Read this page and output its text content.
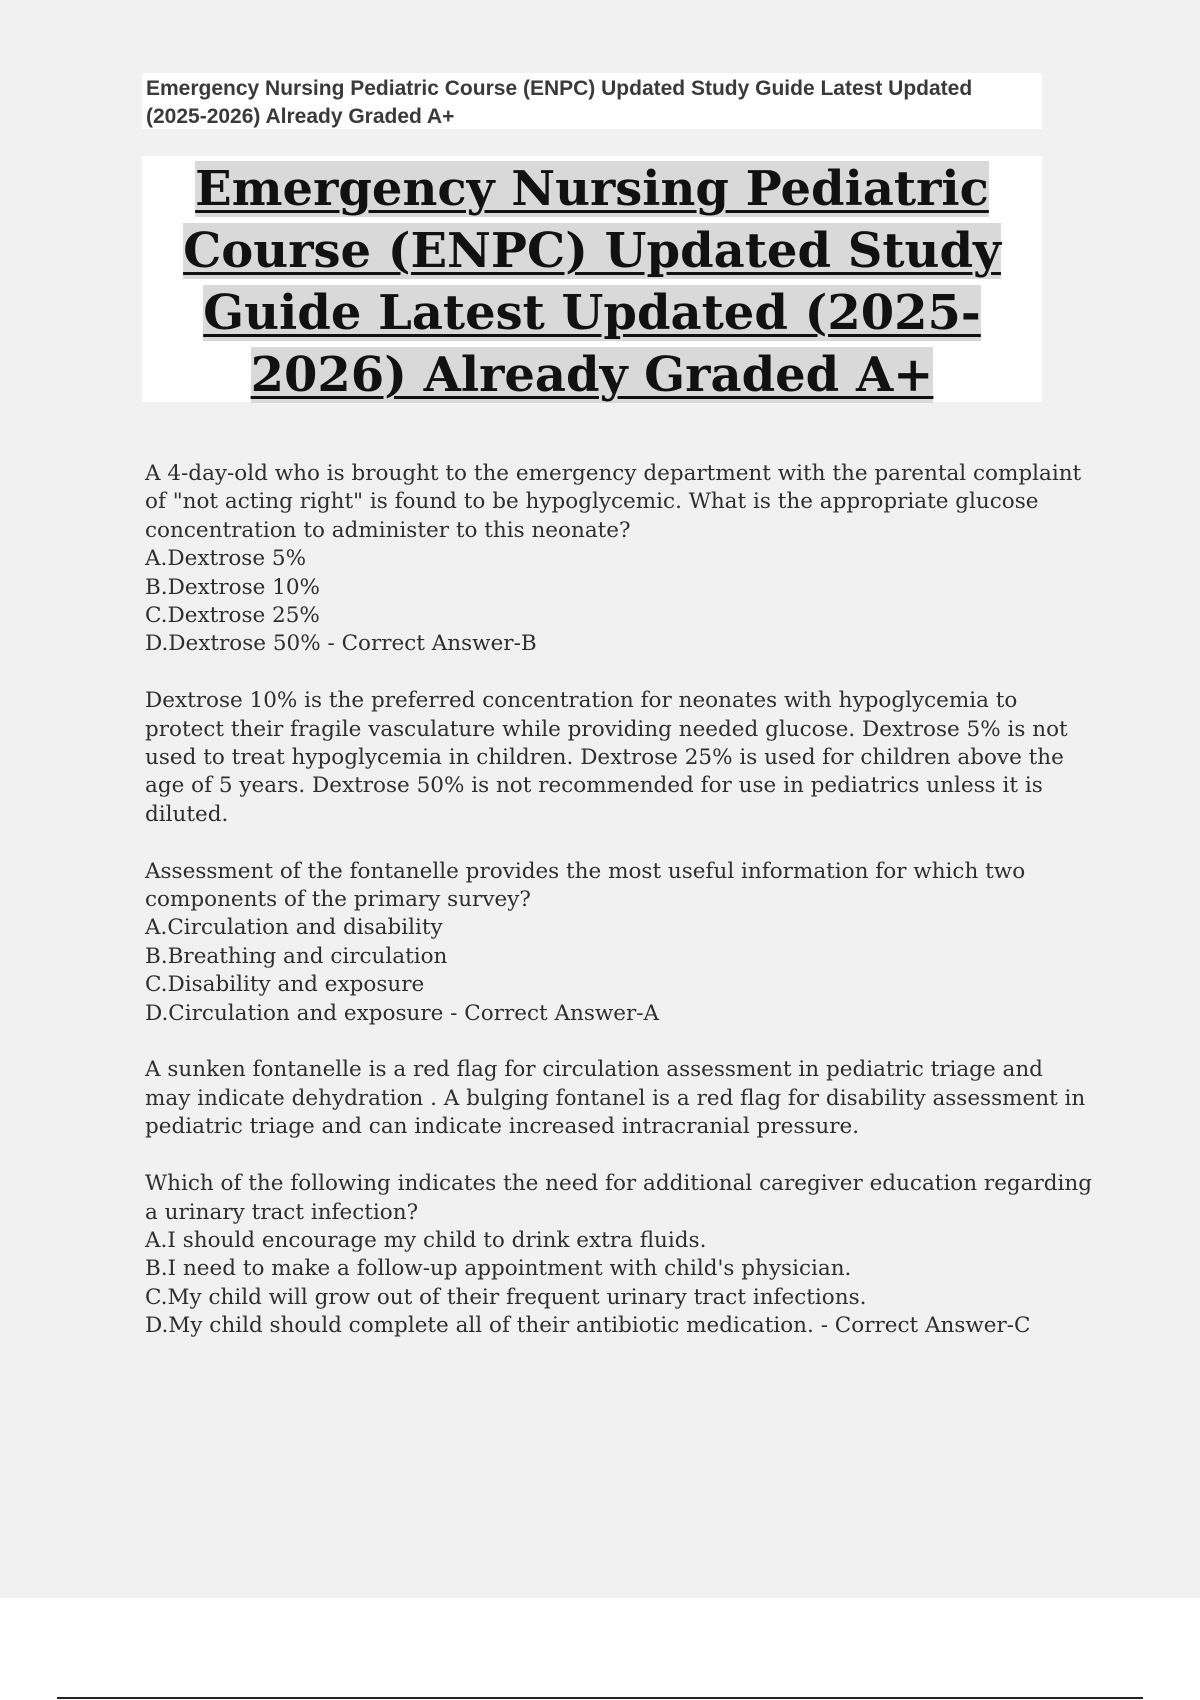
Emergency Nursing Pediatric Course (ENPC) Updated Study Guide Latest Updated (2025-2026) Already Graded A+
Emergency Nursing Pediatric Course (ENPC) Updated Study Guide Latest Updated (2025-2026) Already Graded A+
A 4-day-old who is brought to the emergency department with the parental complaint of "not acting right" is found to be hypoglycemic. What is the appropriate glucose concentration to administer to this neonate?
A.Dextrose 5%
B.Dextrose 10%
C.Dextrose 25%
D.Dextrose 50% - Correct Answer-B

Dextrose 10% is the preferred concentration for neonates with hypoglycemia to protect their fragile vasculature while providing needed glucose. Dextrose 5% is not used to treat hypoglycemia in children. Dextrose 25% is used for children above the age of 5 years. Dextrose 50% is not recommended for use in pediatrics unless it is diluted.

Assessment of the fontanelle provides the most useful information for which two components of the primary survey?
A.Circulation and disability
B.Breathing and circulation
C.Disability and exposure
D.Circulation and exposure - Correct Answer-A

A sunken fontanelle is a red flag for circulation assessment in pediatric triage and may indicate dehydration . A bulging fontanel is a red flag for disability assessment in pediatric triage and can indicate increased intracranial pressure.

Which of the following indicates the need for additional caregiver education regarding a urinary tract infection?
A.I should encourage my child to drink extra fluids.
B.I need to make a follow-up appointment with child's physician.
C.My child will grow out of their frequent urinary tract infections.
D.My child should complete all of their antibiotic medication. - Correct Answer-C
